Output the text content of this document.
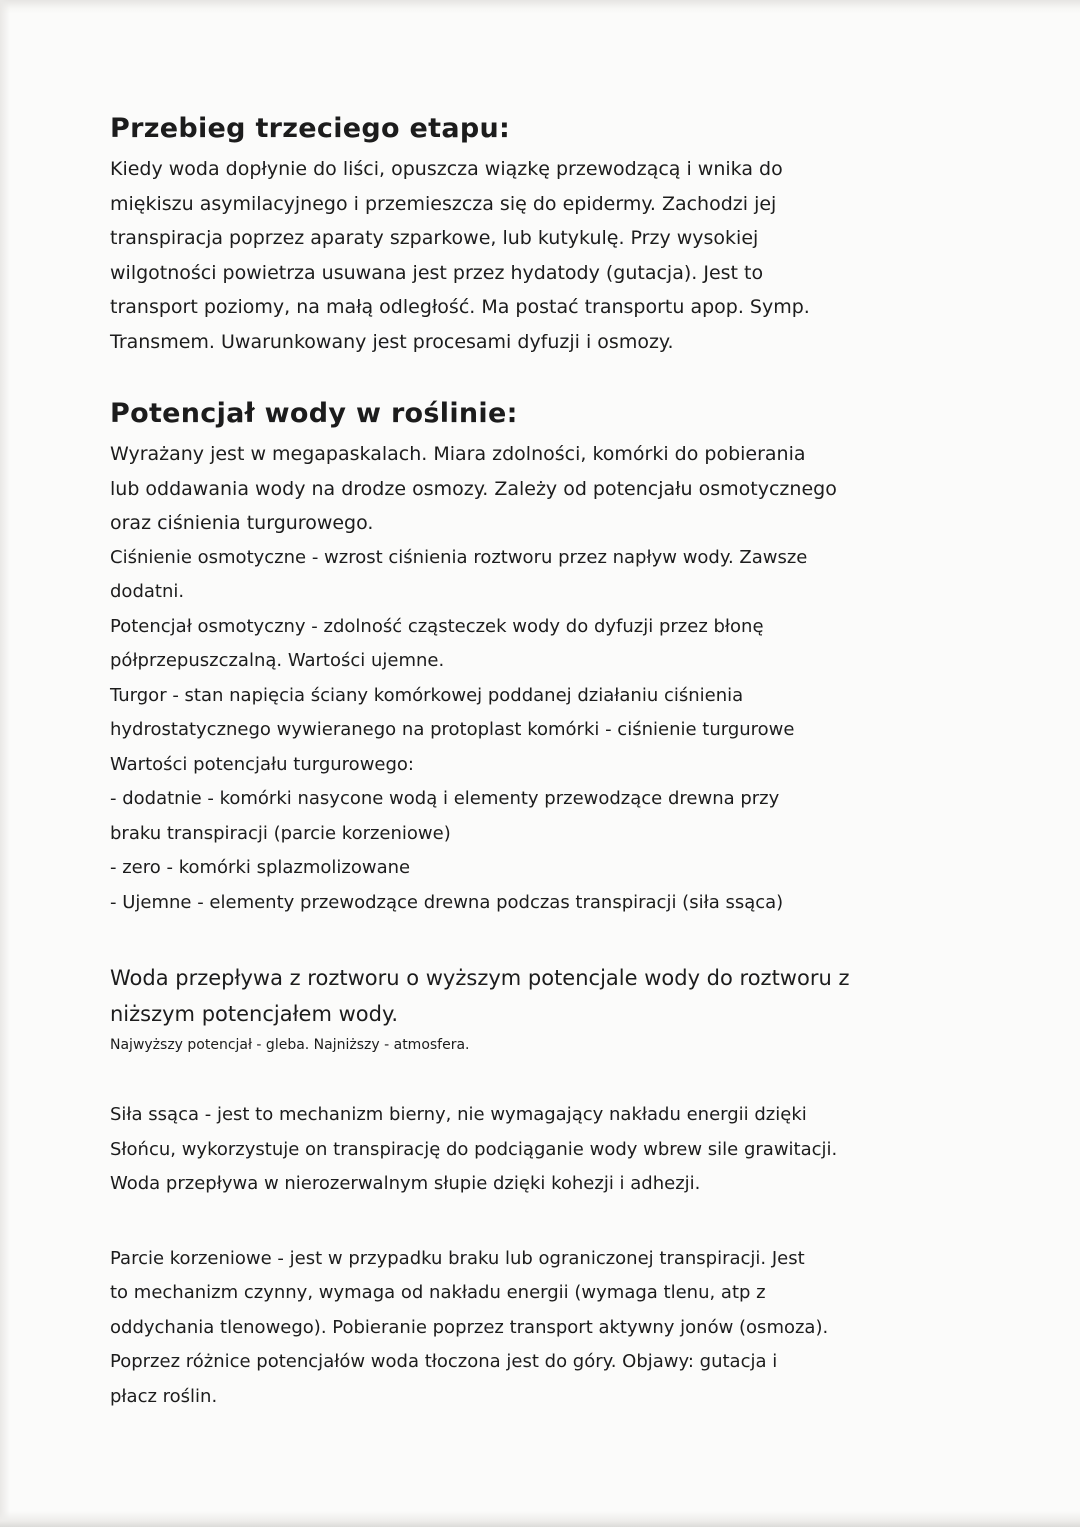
Przebieg trzeciego etapu:

Kiedy woda dopłynie do liści, opuszcza wiązkę przewodzącą i wnika do

miękiszu asymilacyjnego i przemieszcza się do epidermy. Zachodzi jej

transpiracja poprzez aparaty szparkowe, lub kutykulę. Przy wysokiej

wilgotności powietrza usuwana jest przez hydatody (gutacja). Jest to

transport poziomy, na małą odległość. Ma postać transportu apop. Symp.

Transmem. Uwarunkowany jest procesami dyfuzji i osmozy.

Potencjał wody w roślinie:

Wyrażany jest w megapaskalach. Miara zdolności, komórki do pobierania

lub oddawania wody na drodze osmozy. Zależy od potencjału osmotycznego

oraz ciśnienia turgurowego.

Ciśnienie osmotyczne - wzrost ciśnienia roztworu przez napływ wody. Zawsze

dodatni.

Potencjał osmotyczny - zdolność cząsteczek wody do dyfuzji przez błonę

półprzepuszczalną. Wartości ujemne.

Turgor - stan napięcia ściany komórkowej poddanej działaniu ciśnienia

hydrostatycznego wywieranego na protoplast komórki - ciśnienie turgurowe

Wartości potencjału turgurowego:

- dodatnie - komórki nasycone wodą i elementy przewodzące drewna przy

braku transpiracji (parcie korzeniowe)

- zero - komórki splazmolizowane

- Ujemne - elementy przewodzące drewna podczas transpiracji (siła ssąca)

Woda przepływa z roztworu o wyższym potencjale wody do roztworu z

niższym potencjałem wody.

Najwyższy potencjał - gleba. Najniższy - atmosfera.

Siła ssąca - jest to mechanizm bierny, nie wymagający nakładu energii dzięki

Słońcu, wykorzystuje on transpirację do podciąganie wody wbrew sile grawitacji.

Woda przepływa w nierozerwalnym słupie dzięki kohezji i adhezji.

Parcie korzeniowe - jest w przypadku braku lub ograniczonej transpiracji. Jest

to mechanizm czynny, wymaga od nakładu energii (wymaga tlenu, atp z

oddychania tlenowego). Pobieranie poprzez transport aktywny jonów (osmoza).

Poprzez różnice potencjałów woda tłoczona jest do góry. Objawy: gutacja i

płacz roślin.
